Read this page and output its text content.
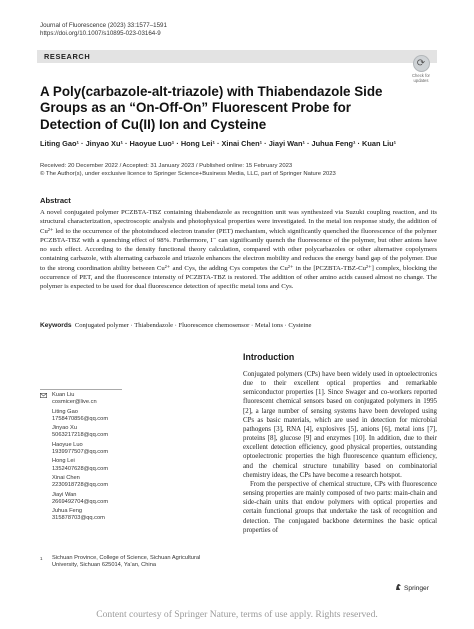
Journal of Fluorescence (2023) 33:1577–1591
https://doi.org/10.1007/s10895-023-03164-9
RESEARCH
⟳
Check for
updates
A Poly(carbazole-alt-triazole) with Thiabendazole Side Groups as an “On-Off-On” Fluorescent Probe for Detection of Cu(II) Ion and Cysteine
Liting Gao¹ · Jinyao Xu¹ · Haoyue Luo¹ · Hong Lei¹ · Xinai Chen¹ · Jiayi Wan¹ · Juhua Feng¹ · Kuan Liu¹
Received: 20 December 2022 / Accepted: 31 January 2023 / Published online: 15 February 2023
© The Author(s), under exclusive licence to Springer Science+Business Media, LLC, part of Springer Nature 2023
Abstract
A novel conjugated polymer PCZBTA-TBZ containing thiabendazole as recognition unit was synthesized via Suzuki coupling reaction, and its structural characterization, spectroscopic analysis and photophysical properties were investigated. In the metal ion response study, the addition of Cu²⁺ led to the occurrence of the photoinduced electron transfer (PET) mechanism, which significantly quenched the fluorescence of the polymer PCZBTA-TBZ with a quenching effect of 98%. Furthermore, I⁻ can significantly quench the fluorescence of the polymer, but other anions have no such effect. According to the density functional theory calculation, compared with other polycarbazoles or other alternative copolymers containing carbazole, with alternating carbazole and triazole enhances the electron mobility and reduces the energy band gap of the polymer. Due to the strong coordination ability between Cu²⁺ and Cys, the adding Cys competes the Cu²⁺ in the [PCZBTA-TBZ-Cu²⁺] complex, blocking the occurrence of PET, and the fluorescence intensity of PCZBTA-TBZ is restored. The addition of other amino acids caused almost no change. The polymer is expected to be used for dual fluorescence detection of specific metal ions and Cys.
Keywords Conjugated polymer · Thiabendazole · Fluorescence chemosensor · Metal ions · Cysteine
Introduction

Conjugated polymers (CPs) have been widely used in optoelectronics due to their excellent optical properties and remarkable semiconductor properties [1]. Since Swager and co-workers reported fluorescent chemical sensors based on conjugated polymers in 1995 [2], a large number of sensing systems have been developed using CPs as basic materials, which are used in detection for microbial pathogens [3], RNA [4], explosives [5], anions [6], metal ions [7], proteins [8], glucose [9] and enzymes [10]. In addition, due to their excellent detection efficiency, good physical properties, outstanding optoelectronic properties the high fluorescence quantum efficiency, and the chemical structure tunability based on combinatorial chemistry ideas, the CPs have become a research hotspot.

From the perspective of chemical structure, CPs with fluorescence sensing properties are mainly composed of two parts: main-chain and side-chain units that endow polymers with optical properties and certain functional groups that undertake the task of recognition and detection. The conjugated backbone determines the basic optical properties of

Kuan Liu
cosmicer@live.cn
Liting Gao
1758470856@qq.com
Jinyao Xu
5063217218@qq.com
Haoyue Luo
1939977507@qq.com
Hong Lei
1352407628@qq.com
Xinai Chen
2230918728@qq.com
Jiayi Wan
2669492704@qq.com
Juhua Feng
315878703@qq.com
1 Sichuan Province, College of Science, Sichuan Agricultural University, Sichuan 625014, Ya’an, China
Springer
Content courtesy of Springer Nature, terms of use apply. Rights reserved.
